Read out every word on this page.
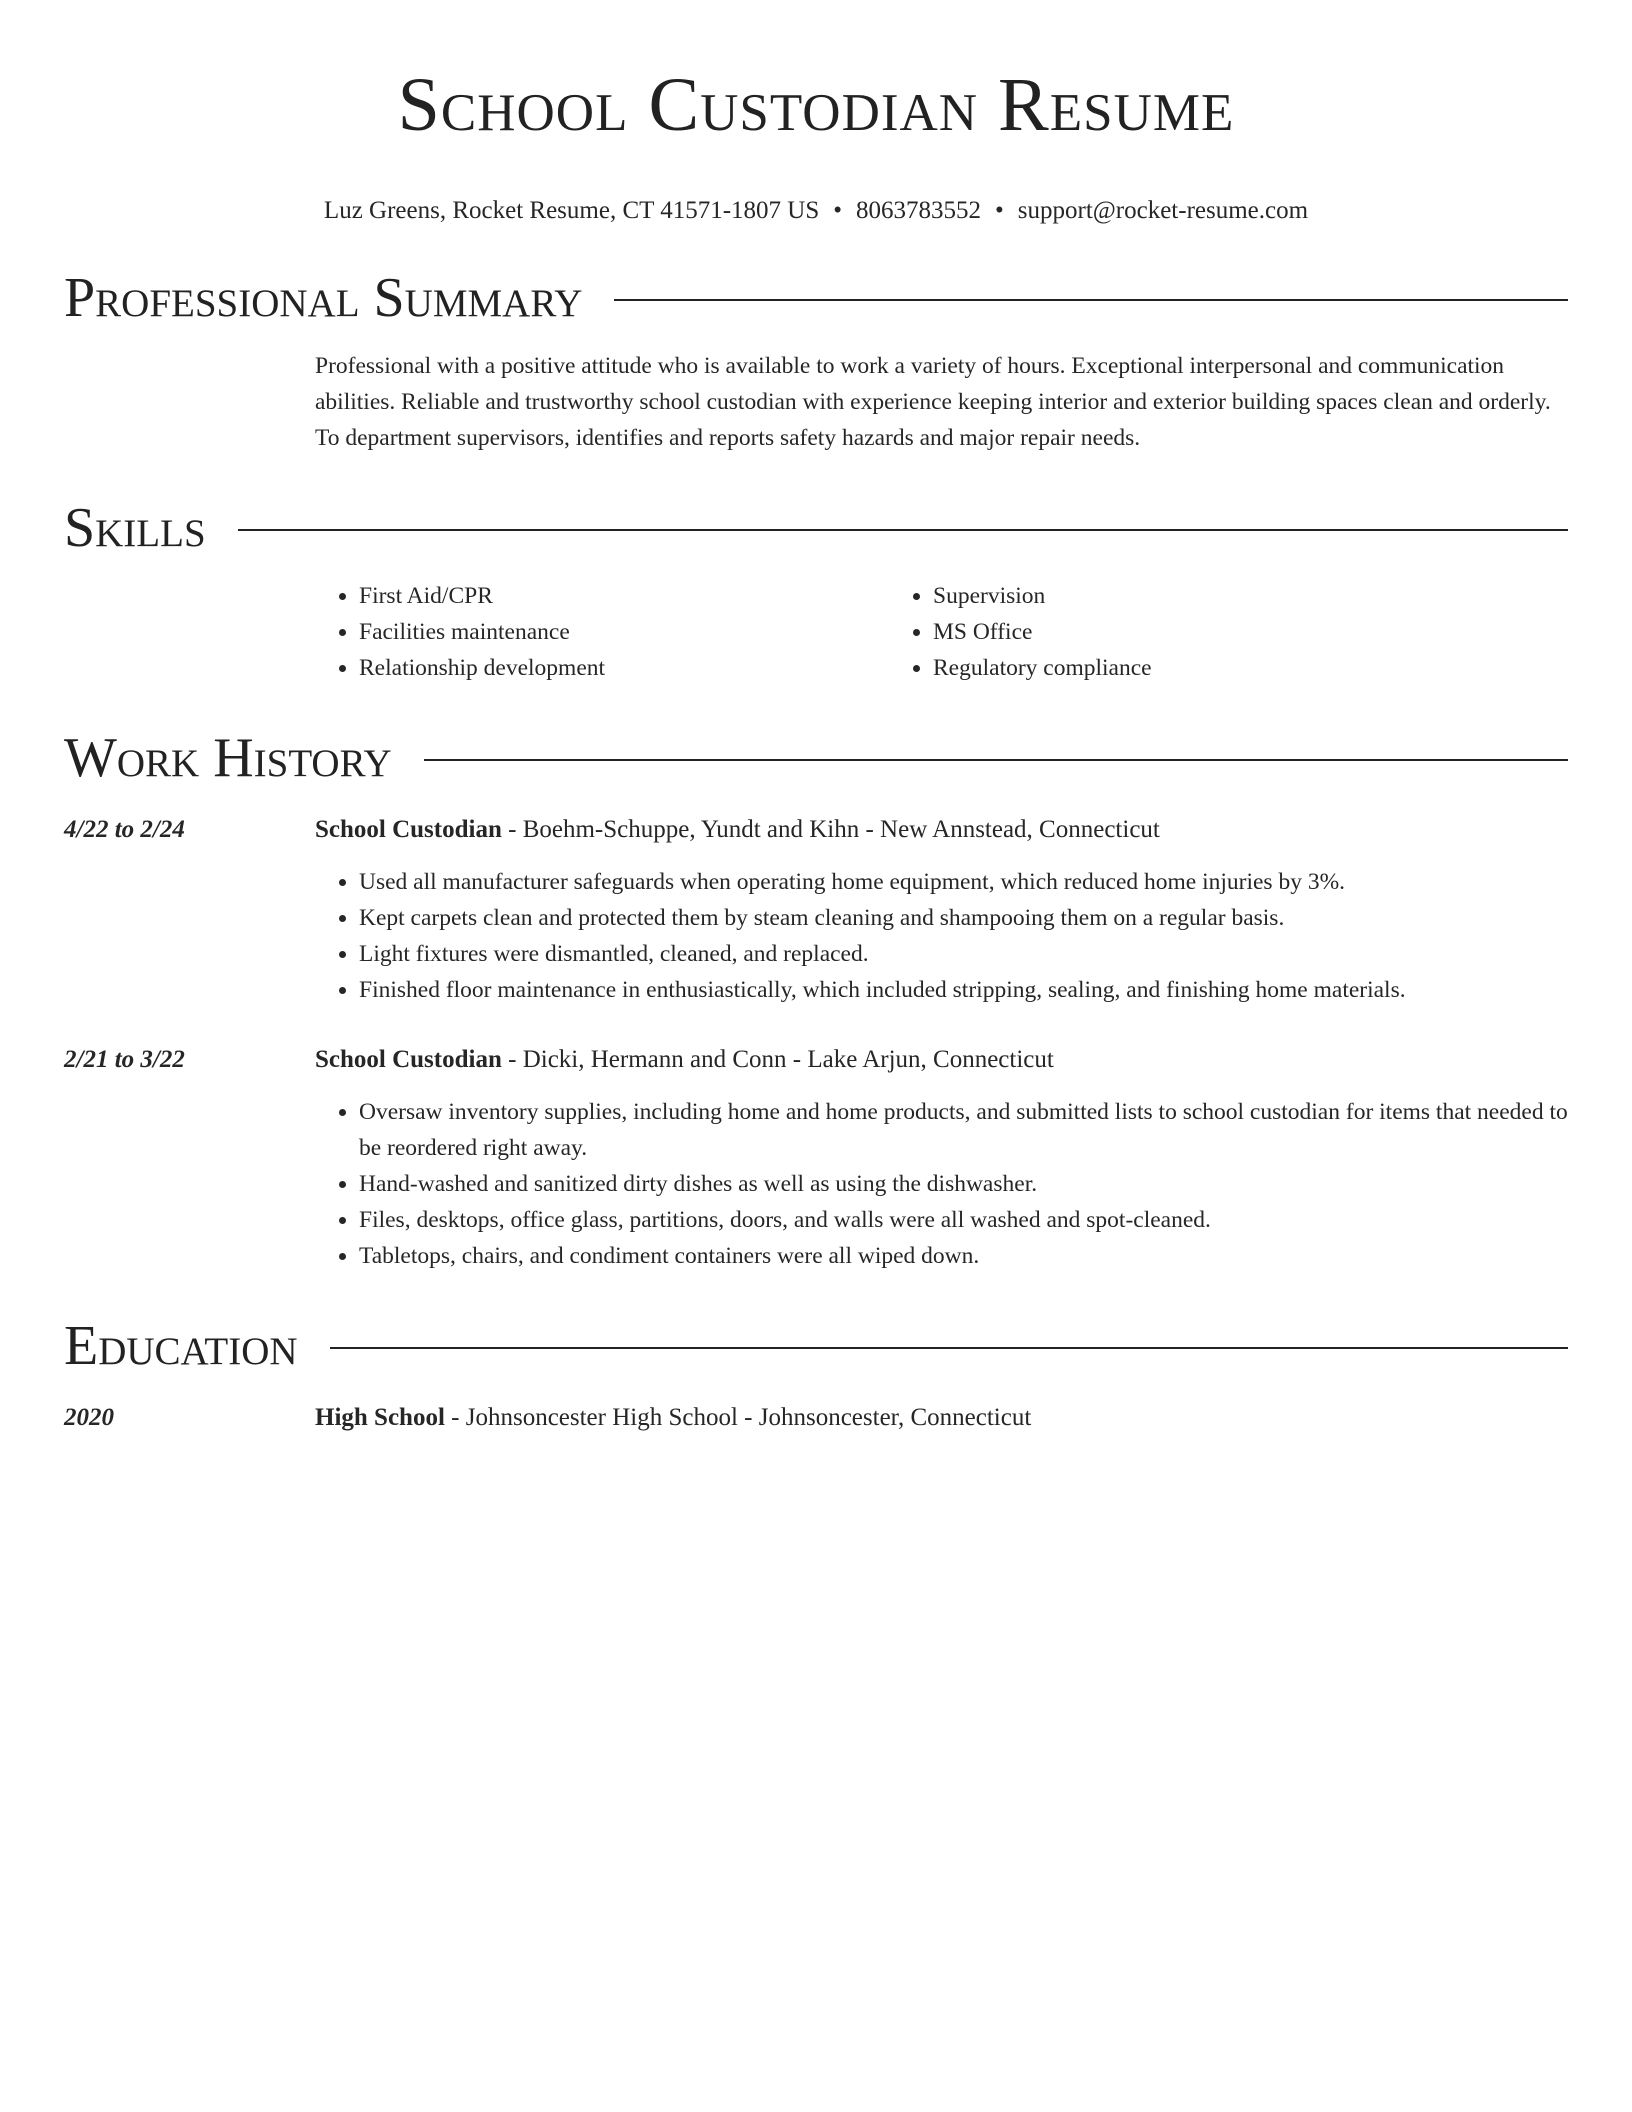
School Custodian Resume
Luz Greens, Rocket Resume, CT 41571-1807 US • 8063783552 • support@rocket-resume.com
Professional Summary
Professional with a positive attitude who is available to work a variety of hours. Exceptional interpersonal and communication abilities. Reliable and trustworthy school custodian with experience keeping interior and exterior building spaces clean and orderly. To department supervisors, identifies and reports safety hazards and major repair needs.
Skills
• First Aid/CPR
• Facilities maintenance
• Relationship development
• Supervision
• MS Office
• Regulatory compliance
Work History
4/22 to 2/24	School Custodian - Boehm-Schuppe, Yundt and Kihn - New Annstead, Connecticut
• Used all manufacturer safeguards when operating home equipment, which reduced home injuries by 3%.
• Kept carpets clean and protected them by steam cleaning and shampooing them on a regular basis.
• Light fixtures were dismantled, cleaned, and replaced.
• Finished floor maintenance in enthusiastically, which included stripping, sealing, and finishing home materials.
2/21 to 3/22	School Custodian - Dicki, Hermann and Conn - Lake Arjun, Connecticut
• Oversaw inventory supplies, including home and home products, and submitted lists to school custodian for items that needed to be reordered right away.
• Hand-washed and sanitized dirty dishes as well as using the dishwasher.
• Files, desktops, office glass, partitions, doors, and walls were all washed and spot-cleaned.
• Tabletops, chairs, and condiment containers were all wiped down.
Education
2020	High School - Johnsoncester High School - Johnsoncester, Connecticut
